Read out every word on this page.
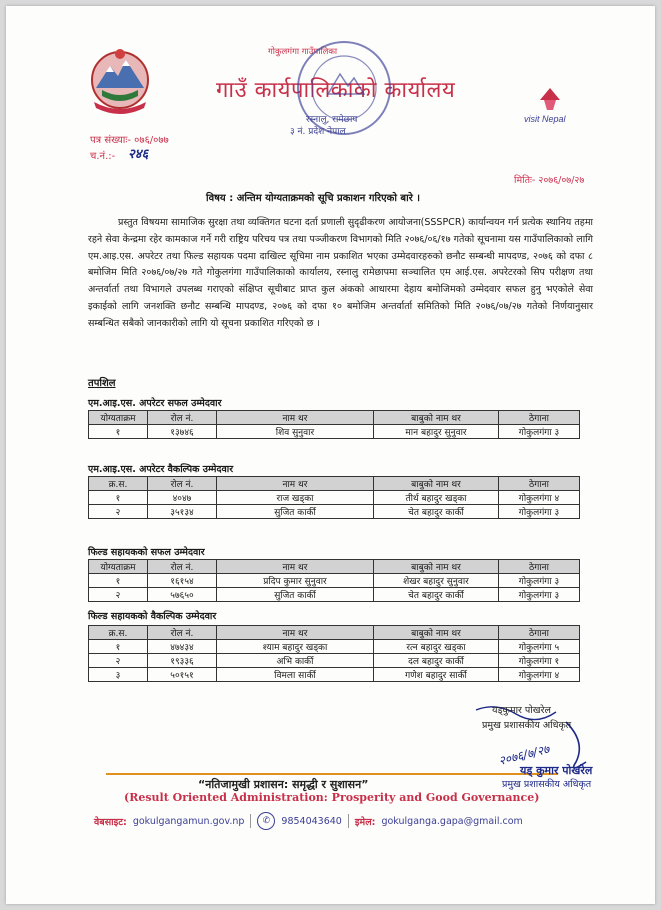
गोकुलगंगा गाउँपालिका
गाउँ कार्यपालिकाको कार्यालय
रस्नालु, रामेछाप
३ नं. प्रदेश नेपाल
visit Nepal
पत्र संख्याः- ०७६/०७७
च.नं.:- २४६
मितिः- २०७६/०७/२७
विषय : अन्तिम योग्यताक्रमको सूचि प्रकाशन गरिएको बारे ।
प्रस्तुत विषयमा सामाजिक सुरक्षा तथा व्यक्तिगत घटना दर्ता प्रणाली सुदृढीकरण आयोजना(SSSPCR) कार्यान्वयन गर्न प्रत्येक स्थानिय तहमा रहने सेवा केन्द्रमा रहेर कामकाज गर्ने गरी राष्ट्रिय परिचय पत्र तथा पञ्जीकरण विभागको मिति २०७६/०६/१७ गतेको सूचनामा यस गाउँपालिकाको लागि एम.आइ.एस. अपरेटर तथा फिल्ड सहायक पदमा दाखिल्ट सूचिमा नाम प्रकाशित भएका उम्मेदवारहरुको छनौट सम्बन्धी मापदण्ड, २०७६ को दफा ८ बमोजिम मिति २०७६/०७/२७ गते गोकुलगंगा गाउँपालिकाको कार्यालय, रस्नालु रामेछापमा सञ्चालित एम आई.एस. अपरेटरको सिप परीक्षण तथा अन्तर्वार्ता तथा विभागले उपलब्ध गराएको संक्षिप्त सूचीबाट प्राप्त कुल अंकको आधारमा देहाय बमोजिमको उम्मेदवार सफल हुनु भएकोले सेवा इकाईको लागि जनशक्ति छनौट सम्बन्धि मापदण्ड, २०७६ को दफा १० बमोजिम अन्तर्वार्ता समितिको मिति २०७६/०७/२७ गतेको निर्णयानुसार सम्बन्धित सबैको जानकारीको लागि यो सूचना प्रकाशित गरिएको छ ।
तपशिल
एम.आइ.एस. अपरेटर सफल उम्मेदवार
योग्यताक्रम	रोल नं.	नाम थर	बाबुको नाम थर	ठेगाना
१	१३७४६	शिव सुनुवार	मान बहादुर सुनुवार	गोकुलगंगा ३
एम.आइ.एस. अपरेटर वैकल्पिक उम्मेदवार
क्र.स.	रोल नं.	नाम थर	बाबुको नाम थर	ठेगाना
१	४०४७	राज खड्का	तीर्थ बहादुर खड्का	गोकुलगंगा ४
२	३५१३४	सुजित कार्की	चेत बहादुर कार्की	गोकुलगंगा ३
फिल्ड सहायकको सफल उम्मेदवार
योग्यताक्रम	रोल नं.	नाम थर	बाबुको नाम थर	ठेगाना
१	१६१५४	प्रदिप कुमार सुनुवार	शेखर बहादुर सुनुवार	गोकुलगंगा ३
२	५७६५०	सुजित कार्की	चेत बहादुर कार्की	गोकुलगंगा ३
फिल्ड सहायकको वैकल्पिक उम्मेदवार
क्र.स.	रोल नं.	नाम थर	बाबुको नाम थर	ठेगाना
१	४७४३४	श्याम बहादुर खड्का	रत्न बहादुर खड्का	गोकुलगंगा ५
२	१९३३६	अभि कार्की	दल बहादुर कार्की	गोकुलगंगा १
३	५०१५१	विमला सार्की	गणेश बहादुर सार्की	गोकुलगंगा ४
यड्कुमार पोखरेल
प्रमुख प्रशासकीय अधिकृत
२०७६/७/२७
“नतिजामुखी प्रशासन: समृद्धी र सुशासन”
(Result Oriented Administration: Prosperity and Good Governance)
यड् कुमार पोखरेल
प्रमुख प्रशासकीय अधिकृत
वेबसाइट: gokulgangamun.gov.np	✆	9854043640 इमेल: gokulganga.gapa@gmail.com
